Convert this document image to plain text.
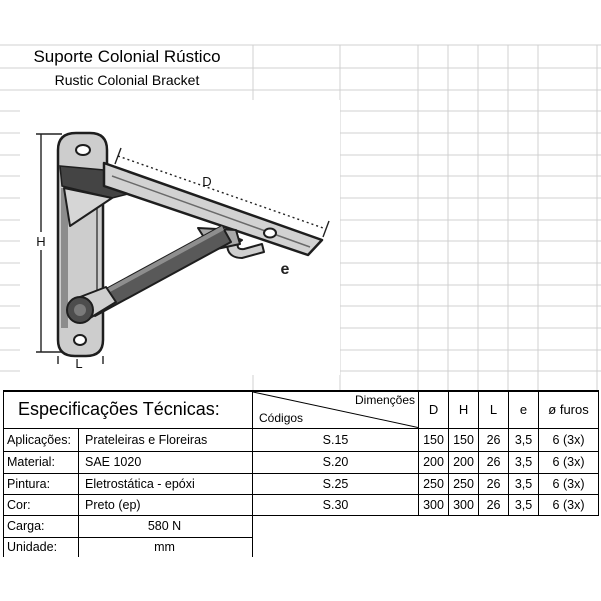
Suporte Colonial Rústico
Rustic Colonial Bracket
H
D
L
e
Especificações Técnicas:		Dimenções
Códigos	D	H	L	e	ø furos
Aplicações:	Prateleiras e Floreiras	S.15	150	150	26	3,5	6 (3x)
Material:	SAE 1020	S.20	200	200	26	3,5	6 (3x)
Pintura:	Eletrostática - epóxi	S.25	250	250	26	3,5	6 (3x)
Cor:	Preto (ep)	S.30	300	300	26	3,5	6 (3x)
Carga:	580 N						
Unidade:	mm						
